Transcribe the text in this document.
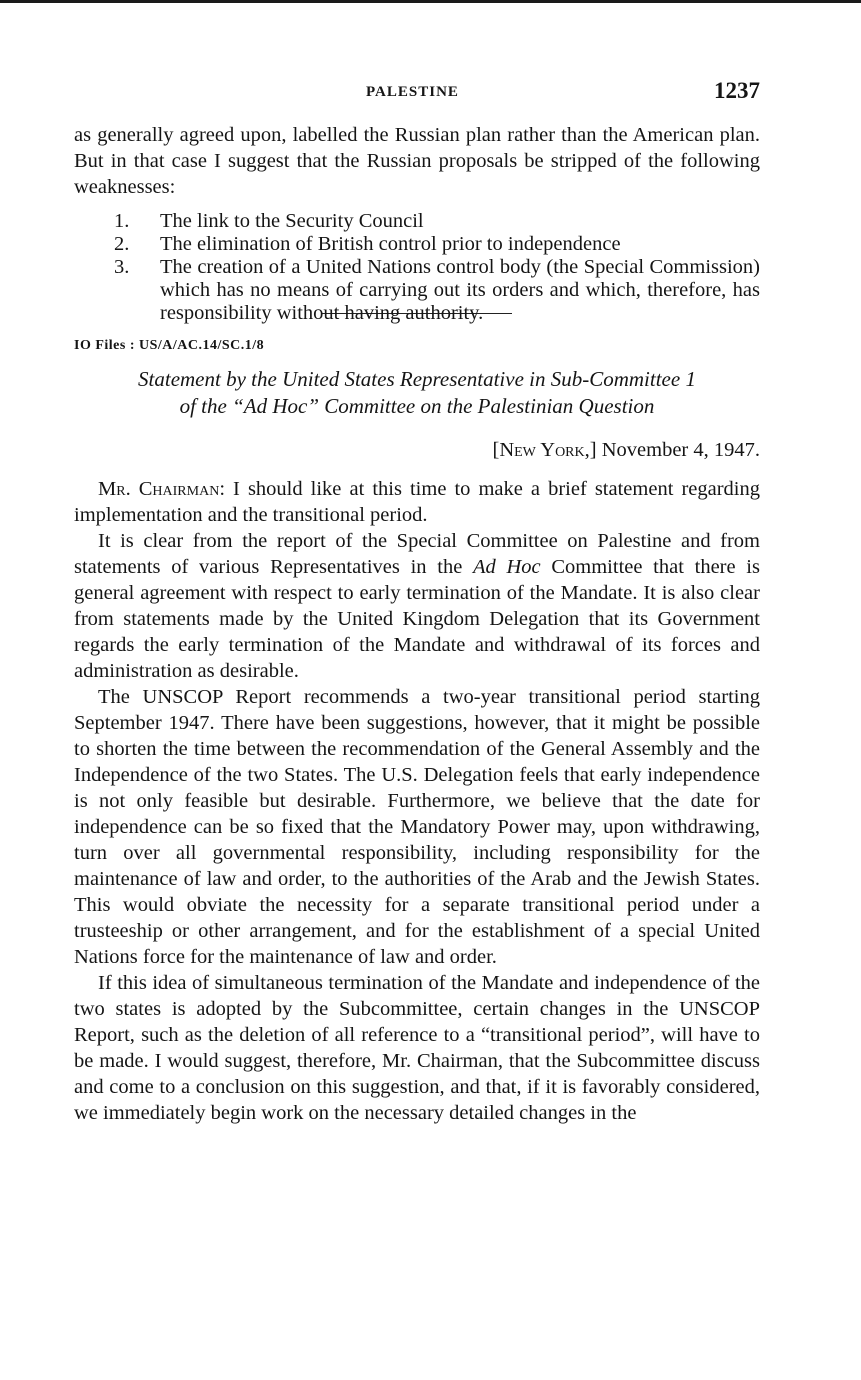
PALESTINE	1237

as generally agreed upon, labelled the Russian plan rather than the American plan. But in that case I suggest that the Russian proposals be stripped of the following weaknesses:

1. The link to the Security Council
2. The elimination of British control prior to independence
3. The creation of a United Nations control body (the Special Commission) which has no means of carrying out its orders and which, therefore, has responsibility without having authority.
IO Files : US/A/AC.14/SC.1/8
Statement by the United States Representative in Sub-Committee 1
of the “Ad Hoc” Committee on the Palestinian Question
[New York,] November 4, 1947.

Mr. Chairman: I should like at this time to make a brief statement regarding implementation and the transitional period.

It is clear from the report of the Special Committee on Palestine and from statements of various Representatives in the Ad Hoc Committee that there is general agreement with respect to early termination of the Mandate. It is also clear from statements made by the United Kingdom Delegation that its Government regards the early termination of the Mandate and withdrawal of its forces and administration as desirable.

The UNSCOP Report recommends a two-year transitional period starting September 1947. There have been suggestions, however, that it might be possible to shorten the time between the recommendation of the General Assembly and the Independence of the two States. The U.S. Delegation feels that early independence is not only feasible but desirable. Furthermore, we believe that the date for independence can be so fixed that the Mandatory Power may, upon withdrawing, turn over all governmental responsibility, including responsibility for the maintenance of law and order, to the authorities of the Arab and the Jewish States. This would obviate the necessity for a separate transitional period under a trusteeship or other arrangement, and for the establishment of a special United Nations force for the maintenance of law and order.

If this idea of simultaneous termination of the Mandate and independence of the two states is adopted by the Subcommittee, certain changes in the UNSCOP Report, such as the deletion of all reference to a “transitional period”, will have to be made. I would suggest, therefore, Mr. Chairman, that the Subcommittee discuss and come to a conclusion on this suggestion, and that, if it is favorably considered, we immediately begin work on the necessary detailed changes in the
